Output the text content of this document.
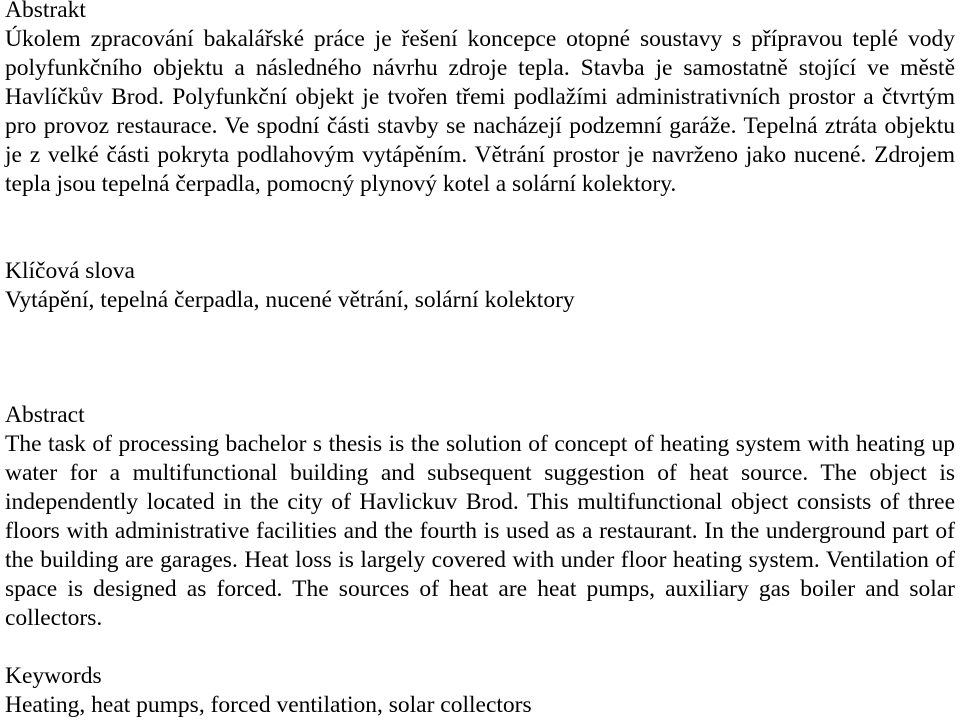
Abstrakt

Úkolem zpracování bakalářské práce je řešení koncepce otopné soustavy s přípravou teplé vody polyfunkčního objektu a následného návrhu zdroje tepla. Stavba je samostatně stojící ve městě Havlíčkův Brod. Polyfunkční objekt je tvořen třemi podlažími administrativních prostor a čtvrtým pro provoz restaurace. Ve spodní části stavby se nacházejí podzemní garáže. Tepelná ztráta objektu je z velké části pokryta podlahovým vytápěním. Větrání prostor je navrženo jako nucené. Zdrojem tepla jsou tepelná čerpadla, pomocný plynový kotel a solární kolektory.

Klíčová slova

Vytápění, tepelná čerpadla, nucené větrání, solární kolektory

Abstract

The task of processing bachelor s thesis is the solution of concept of heating system with heating up water for a multifunctional building and subsequent suggestion of heat source. The object is independently located in the city of Havlickuv Brod. This multifunctional object consists of three floors with administrative facilities and the fourth is used as a restaurant. In the underground part of the building are garages. Heat loss is largely covered with under floor heating system. Ventilation of space is designed as forced. The sources of heat are heat pumps, auxiliary gas boiler and solar collectors.

Keywords

Heating, heat pumps, forced ventilation, solar collectors
